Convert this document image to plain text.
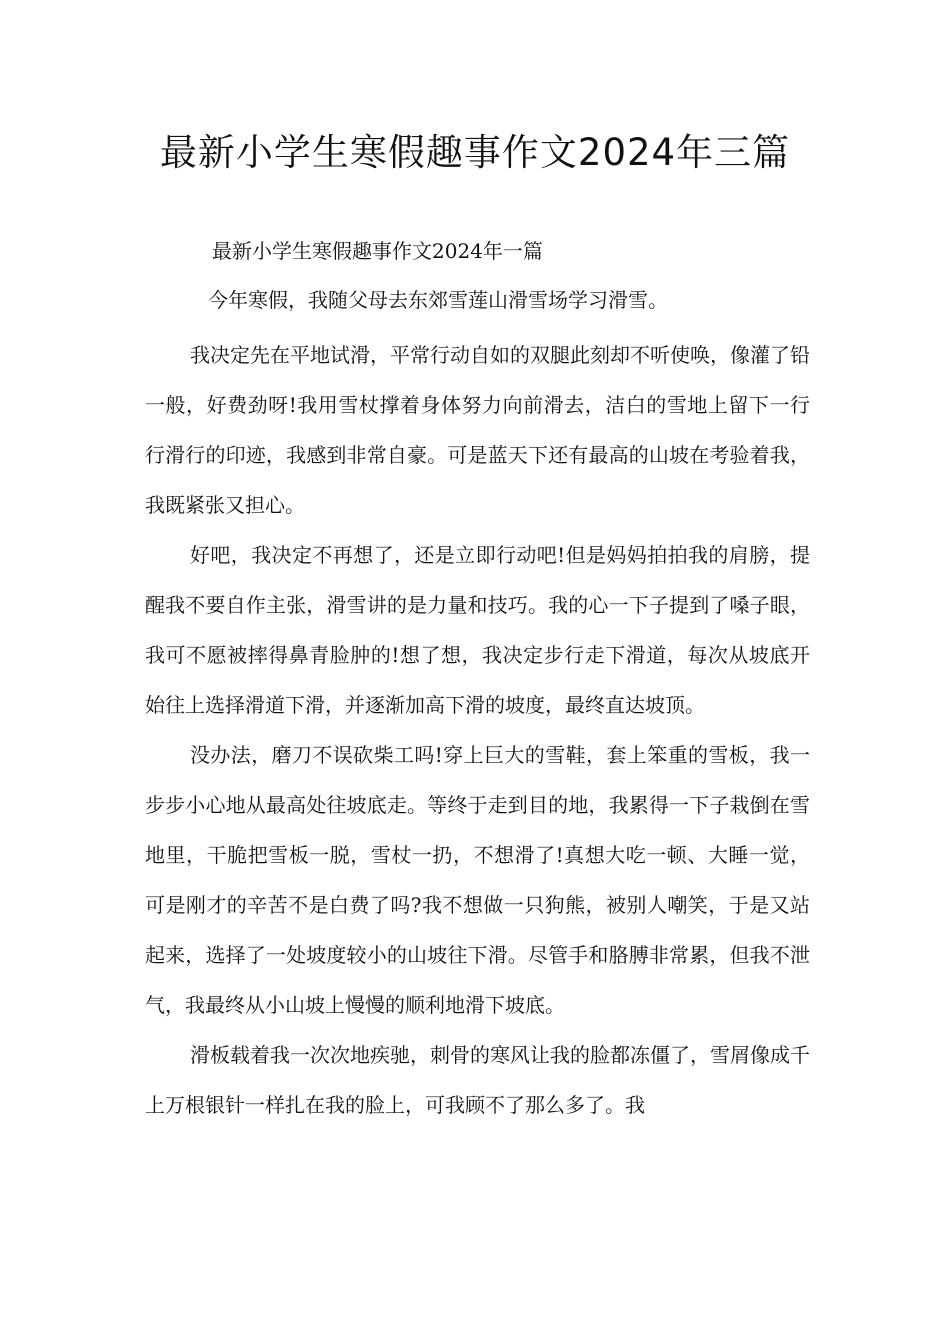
最新小学生寒假趣事作文2024年三篇

最新小学生寒假趣事作文2024年一篇

今年寒假，我随父母去东郊雪莲山滑雪场学习滑雪。

我决定先在平地试滑，平常行动自如的双腿此刻却不听使唤，像灌了铅一般，好费劲呀!我用雪杖撑着身体努力向前滑去，洁白的雪地上留下一行行滑行的印迹，我感到非常自豪。可是蓝天下还有最高的山坡在考验着我，我既紧张又担心。

好吧，我决定不再想了，还是立即行动吧!但是妈妈拍拍我的肩膀，提醒我不要自作主张，滑雪讲的是力量和技巧。我的心一下子提到了嗓子眼，我可不愿被摔得鼻青脸肿的!想了想，我决定步行走下滑道，每次从坡底开始往上选择滑道下滑，并逐渐加高下滑的坡度，最终直达坡顶。

没办法，磨刀不误砍柴工吗!穿上巨大的雪鞋，套上笨重的雪板，我一步步小心地从最高处往坡底走。等终于走到目的地，我累得一下子栽倒在雪地里，干脆把雪板一脱，雪杖一扔，不想滑了!真想大吃一顿、大睡一觉，可是刚才的辛苦不是白费了吗?我不想做一只狗熊，被别人嘲笑，于是又站起来，选择了一处坡度较小的山坡往下滑。尽管手和胳膊非常累，但我不泄气，我最终从小山坡上慢慢的顺利地滑下坡底。

滑板载着我一次次地疾驰，刺骨的寒风让我的脸都冻僵了，雪屑像成千上万根银针一样扎在我的脸上，可我顾不了那么多了。我
